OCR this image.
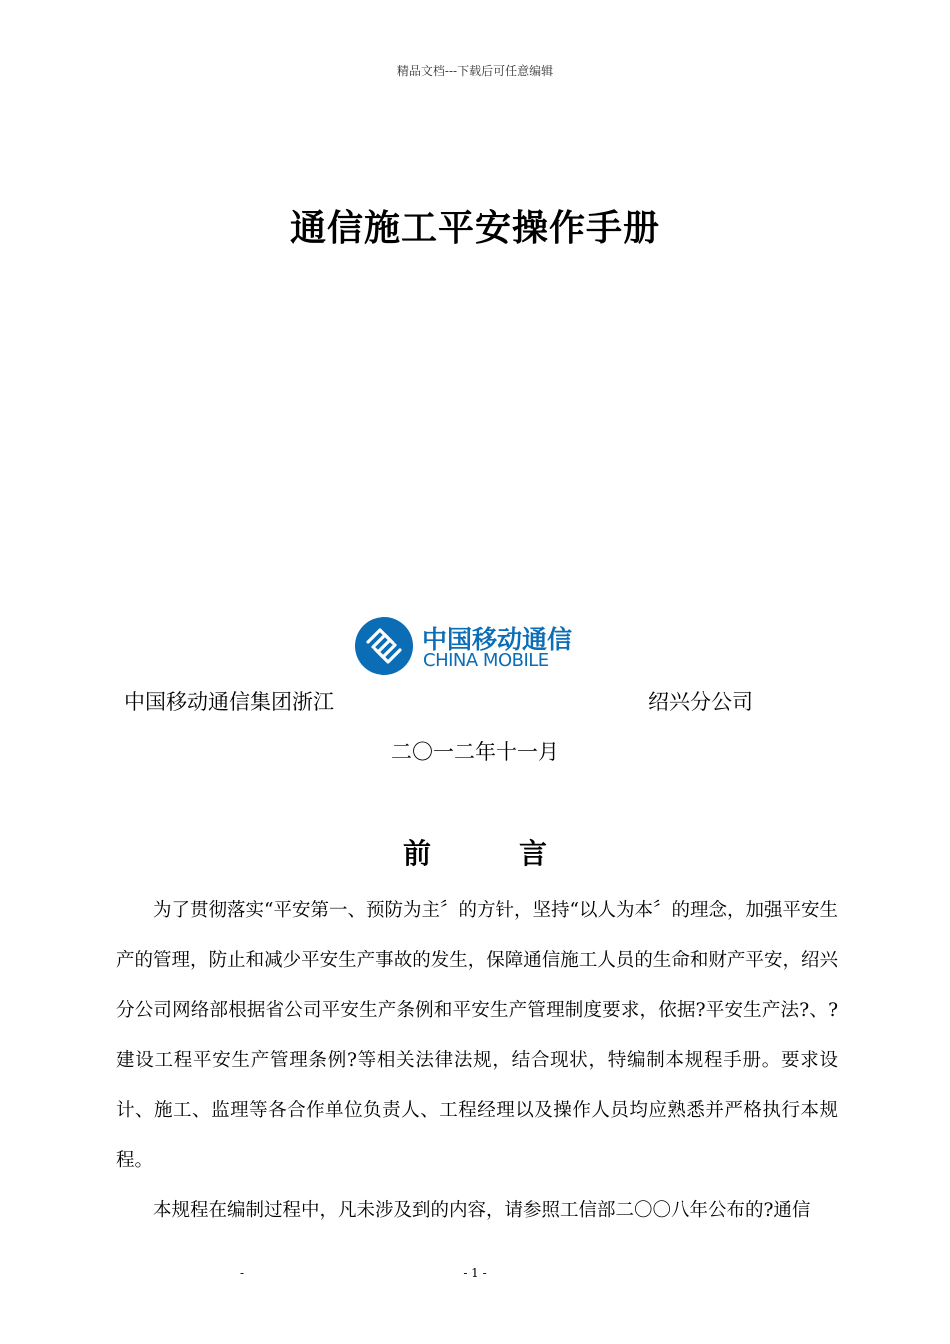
精品文档---下载后可任意编辑
通信施工平安操作手册
中国移动通信
CHINA MOBILE
中国移动通信集团浙江	绍兴分公司
二〇一二年十一月
前	言

为了贯彻落实“平安第一、预防为主〞的方针，坚持“以人为本〞的理念，加强平安生产的管理，防止和减少平安生产事故的发生，保障通信施工人员的生命和财产平安，绍兴分公司网络部根据省公司平安生产条例和平安生产管理制度要求，依据?平安生产法?、?建设工程平安生产管理条例?等相关法律法规，结合现状，特编制本规程手册。要求设计、施工、监理等各合作单位负责人、工程经理以及操作人员均应熟悉并严格执行本规程。

本规程在编制过程中，凡未涉及到的内容，请参照工信部二〇〇八年公布的?通信

-	- 1 -
